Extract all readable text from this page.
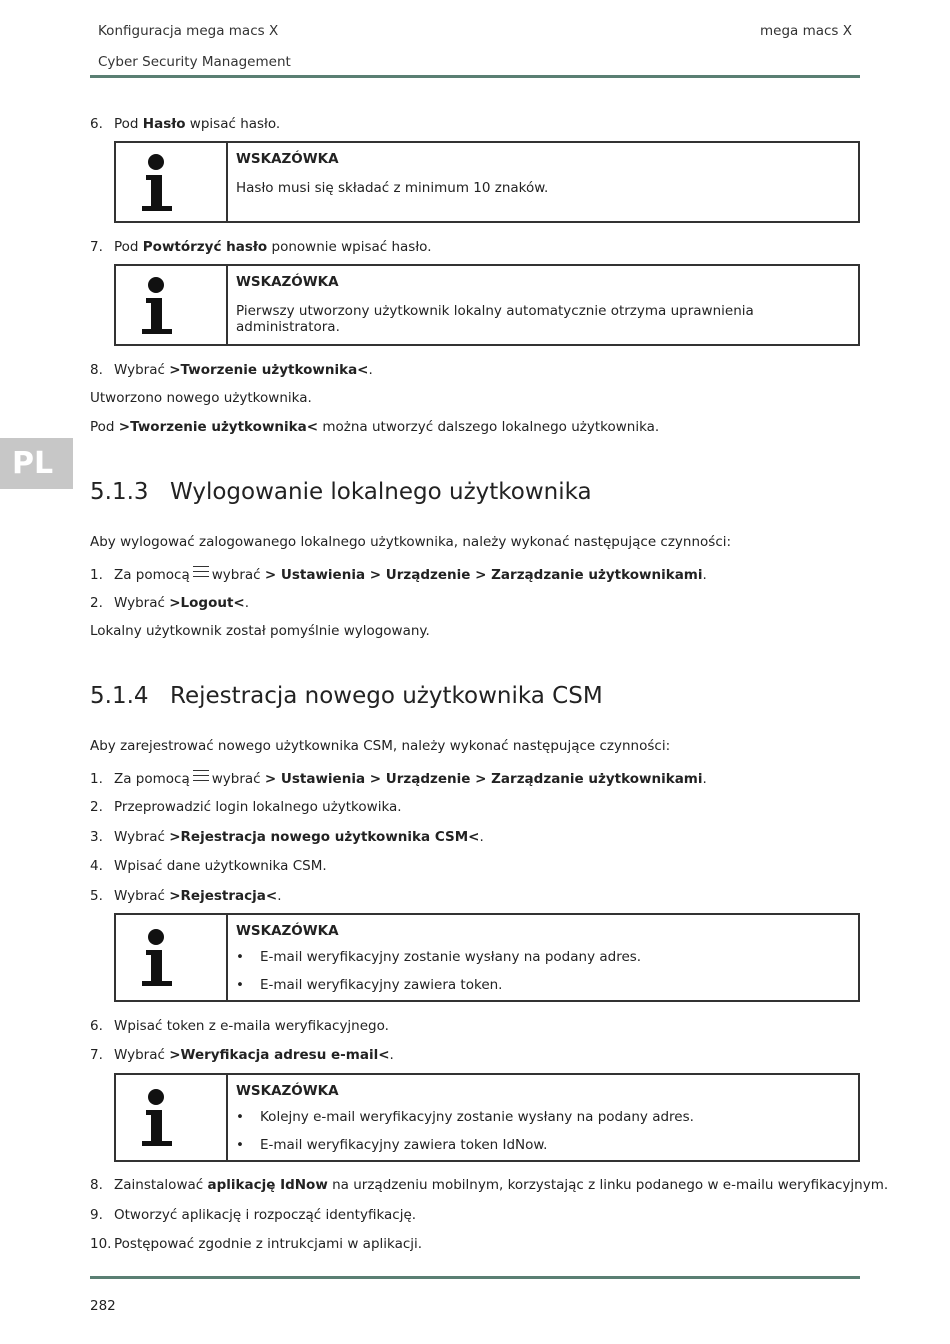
Konfiguracja mega macs X	mega macs X
Cyber Security Management
PL
6. Pod Hasło wpisać hasło.
WSKAZÓWKA
Hasło musi się składać z minimum 10 znaków.
7. Pod Powtórzyć hasło ponownie wpisać hasło.
WSKAZÓWKA
Pierwszy utworzony użytkownik lokalny automatycznie otrzyma uprawnienia administratora.
8. Wybrać >Tworzenie użytkownika<.
Utworzono nowego użytkownika.
Pod >Tworzenie użytkownika< można utworzyć dalszego lokalnego użytkownika.
5.1.3 Wylogowanie lokalnego użytkownika
Aby wylogować zalogowanego lokalnego użytkownika, należy wykonać następujące czynności:
1. Za pomocą wybrać > Ustawienia > Urządzenie > Zarządzanie użytkownikami.
2. Wybrać >Logout<.
Lokalny użytkownik został pomyślnie wylogowany.
5.1.4 Rejestracja nowego użytkownika CSM
Aby zarejestrować nowego użytkownika CSM, należy wykonać następujące czynności:
1. Za pomocą wybrać > Ustawienia > Urządzenie > Zarządzanie użytkownikami.
2. Przeprowadzić login lokalnego użytkowika.
3. Wybrać >Rejestracja nowego użytkownika CSM<.
4. Wpisać dane użytkownika CSM.
5. Wybrać >Rejestracja<.
WSKAZÓWKA
• E-mail weryfikacyjny zostanie wysłany na podany adres.
• E-mail weryfikacyjny zawiera token.
6. Wpisać token z e-maila weryfikacyjnego.
7. Wybrać >Weryfikacja adresu e-mail<.
WSKAZÓWKA
• Kolejny e-mail weryfikacyjny zostanie wysłany na podany adres.
• E-mail weryfikacyjny zawiera token IdNow.
8. Zainstalować aplikację IdNow na urządzeniu mobilnym, korzystając z linku podanego w e-mailu weryfikacyjnym.
9. Otworzyć aplikację i rozpocząć identyfikację.
10. Postępować zgodnie z intrukcjami w aplikacji.
282
